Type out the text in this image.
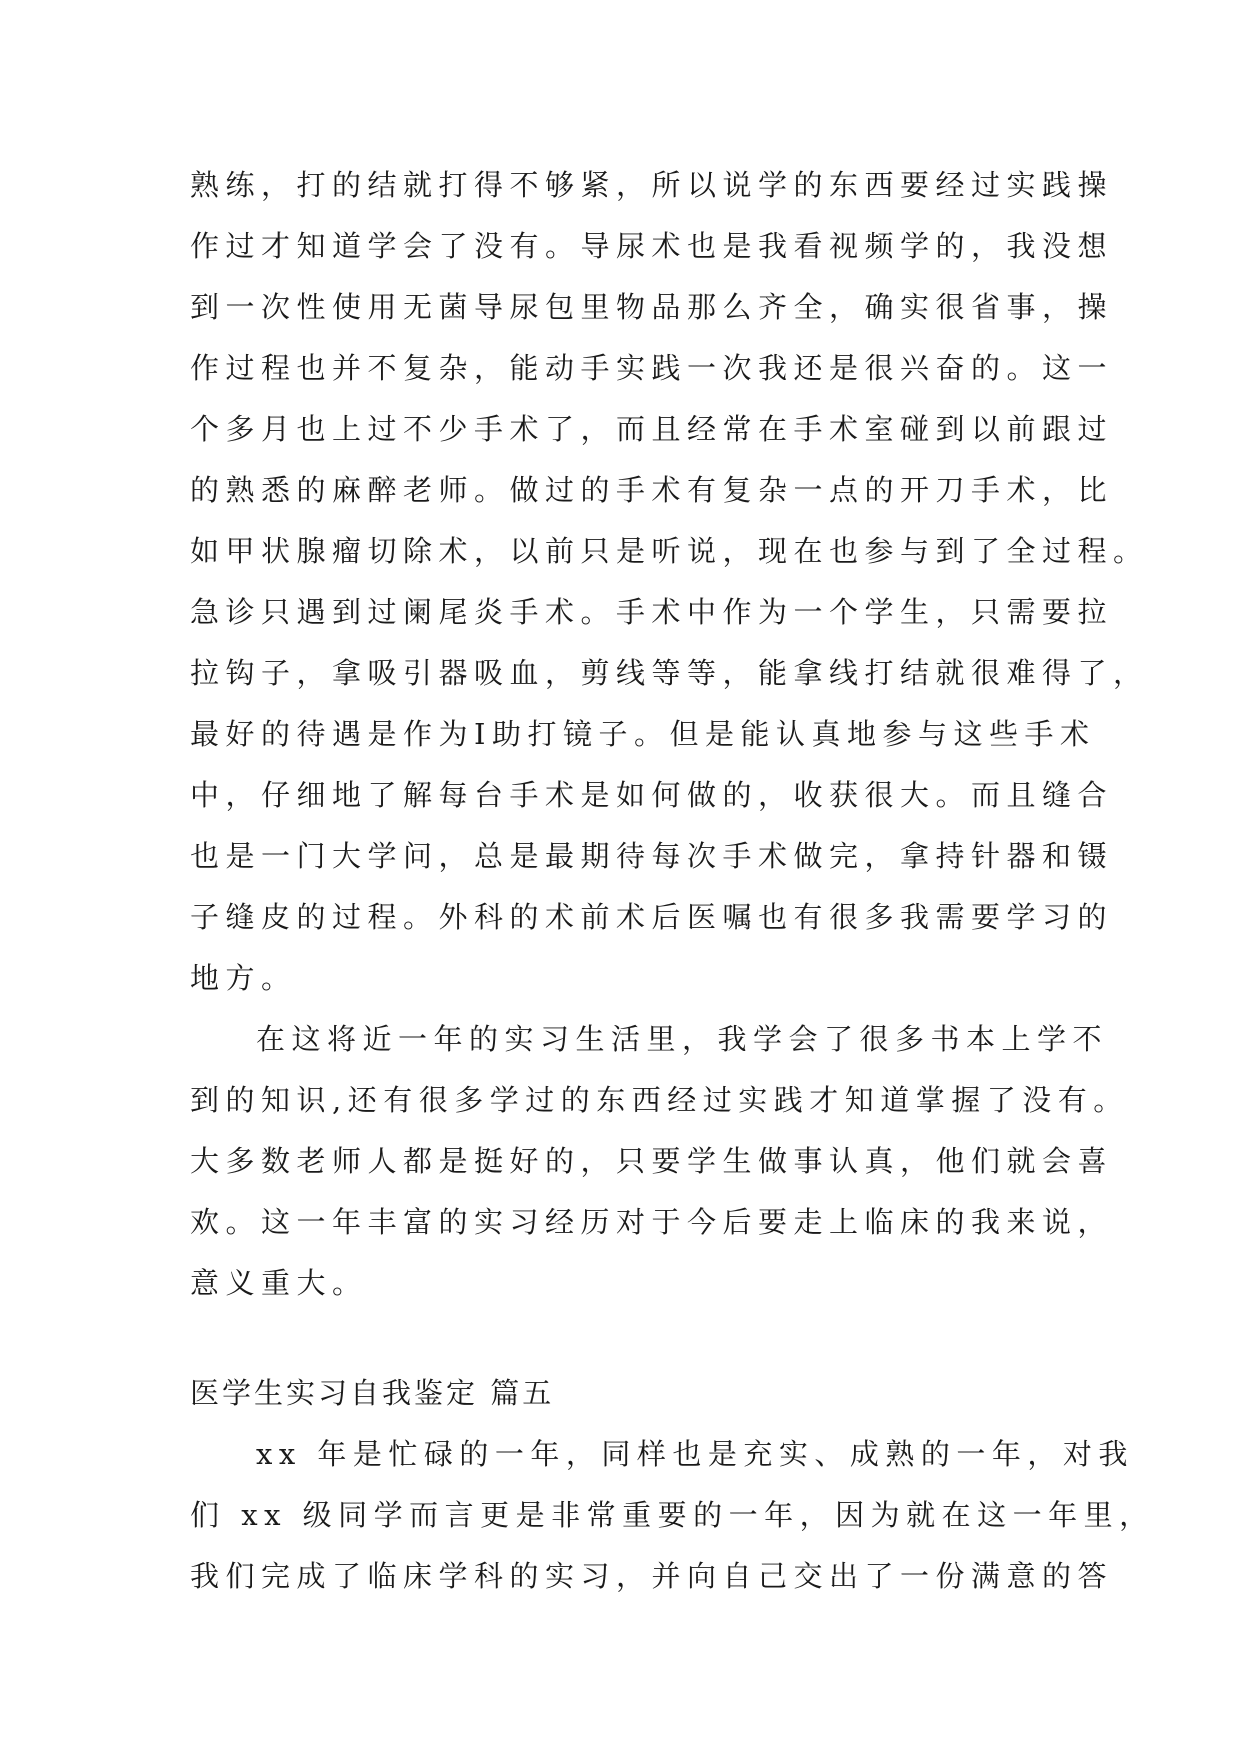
熟练，打的结就打得不够紧，所以说学的东西要经过实践操
作过才知道学会了没有。导尿术也是我看视频学的，我没想
到一次性使用无菌导尿包里物品那么齐全，确实很省事，操
作过程也并不复杂，能动手实践一次我还是很兴奋的。这一
个多月也上过不少手术了，而且经常在手术室碰到以前跟过
的熟悉的麻醉老师。做过的手术有复杂一点的开刀手术，比
如甲状腺瘤切除术，以前只是听说，现在也参与到了全过程。
急诊只遇到过阑尾炎手术。手术中作为一个学生，只需要拉
拉钩子，拿吸引器吸血，剪线等等，能拿线打结就很难得了，
最好的待遇是作为Ⅰ助打镜子。但是能认真地参与这些手术
中，仔细地了解每台手术是如何做的，收获很大。而且缝合
也是一门大学问，总是最期待每次手术做完，拿持针器和镊
子缝皮的过程。外科的术前术后医嘱也有很多我需要学习的
地方。
在这将近一年的实习生活里，我学会了很多书本上学不
到的知识,还有很多学过的东西经过实践才知道掌握了没有。
大多数老师人都是挺好的，只要学生做事认真，他们就会喜
欢。这一年丰富的实习经历对于今后要走上临床的我来说，
意义重大。
医学生实习自我鉴定 篇五
xx 年是忙碌的一年，同样也是充实、成熟的一年，对我
们 xx 级同学而言更是非常重要的一年，因为就在这一年里，
我们完成了临床学科的实习，并向自己交出了一份满意的答
